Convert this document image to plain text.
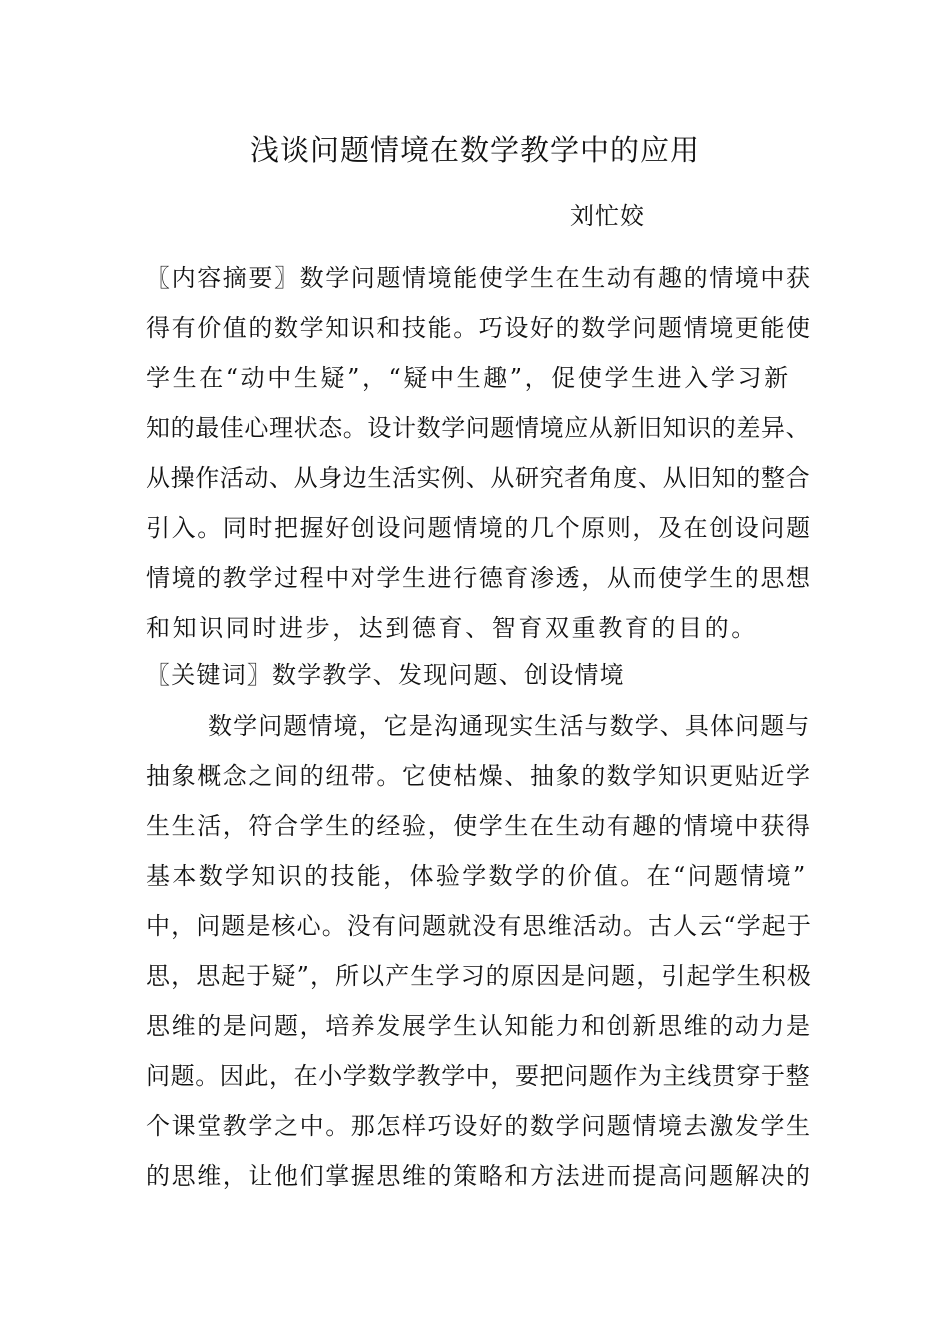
浅谈问题情境在数学教学中的应用
刘忙姣
〖内容摘要〗数学问题情境能使学生在生动有趣的情境中获
得有价值的数学知识和技能。巧设好的数学问题情境更能使
学生在“动中生疑”，“疑中生趣”，促使学生进入学习新
知的最佳心理状态。设计数学问题情境应从新旧知识的差异、
从操作活动、从身边生活实例、从研究者角度、从旧知的整合
引入。同时把握好创设问题情境的几个原则，及在创设问题
情境的教学过程中对学生进行德育渗透，从而使学生的思想
和知识同时进步，达到德育、智育双重教育的目的。
〖关键词〗数学教学、发现问题、创设情境
数学问题情境，它是沟通现实生活与数学、具体问题与
抽象概念之间的纽带。它使枯燥、抽象的数学知识更贴近学
生生活，符合学生的经验，使学生在生动有趣的情境中获得
基本数学知识的技能，体验学数学的价值。在“问题情境”
中，问题是核心。没有问题就没有思维活动。古人云“学起于
思，思起于疑”，所以产生学习的原因是问题，引起学生积极
思维的是问题，培养发展学生认知能力和创新思维的动力是
问题。因此，在小学数学教学中，要把问题作为主线贯穿于整
个课堂教学之中。那怎样巧设好的数学问题情境去激发学生
的思维，让他们掌握思维的策略和方法进而提高问题解决的
